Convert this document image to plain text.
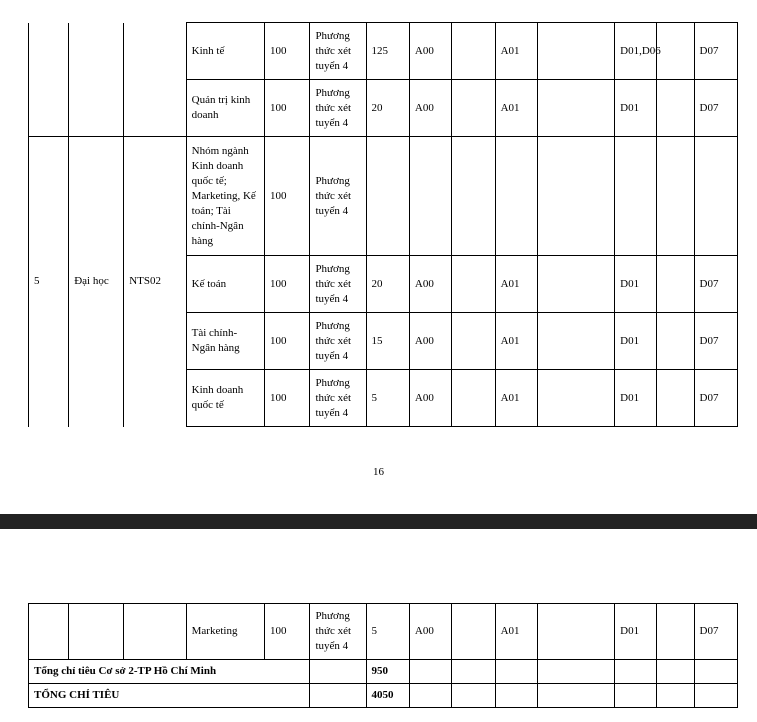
			Kinh tế	100	Phương thức xét tuyển 4	125	A00		A01		D01,D06		D07
			Quản trị kinh doanh	100	Phương thức xét tuyển 4	20	A00		A01		D01		D07
5	Đại học	NTS02	Nhóm ngành Kinh doanh quốc tế; Marketing, Kế toán; Tài chính-Ngân hàng	100	Phương thức xét tuyển 4								
			Kế toán	100	Phương thức xét tuyển 4	20	A00		A01		D01		D07
			Tài chính-Ngân hàng	100	Phương thức xét tuyển 4	15	A00		A01		D01		D07
			Kinh doanh quốc tế	100	Phương thức xét tuyển 4	5	A00		A01		D01		D07
16
			Marketing	100	Phương thức xét tuyển 4	5	A00		A01		D01		D07
Tổng chỉ tiêu Cơ sở 2-TP Hồ Chí Minh						950							
TỔNG CHỈ TIÊU						4050							
